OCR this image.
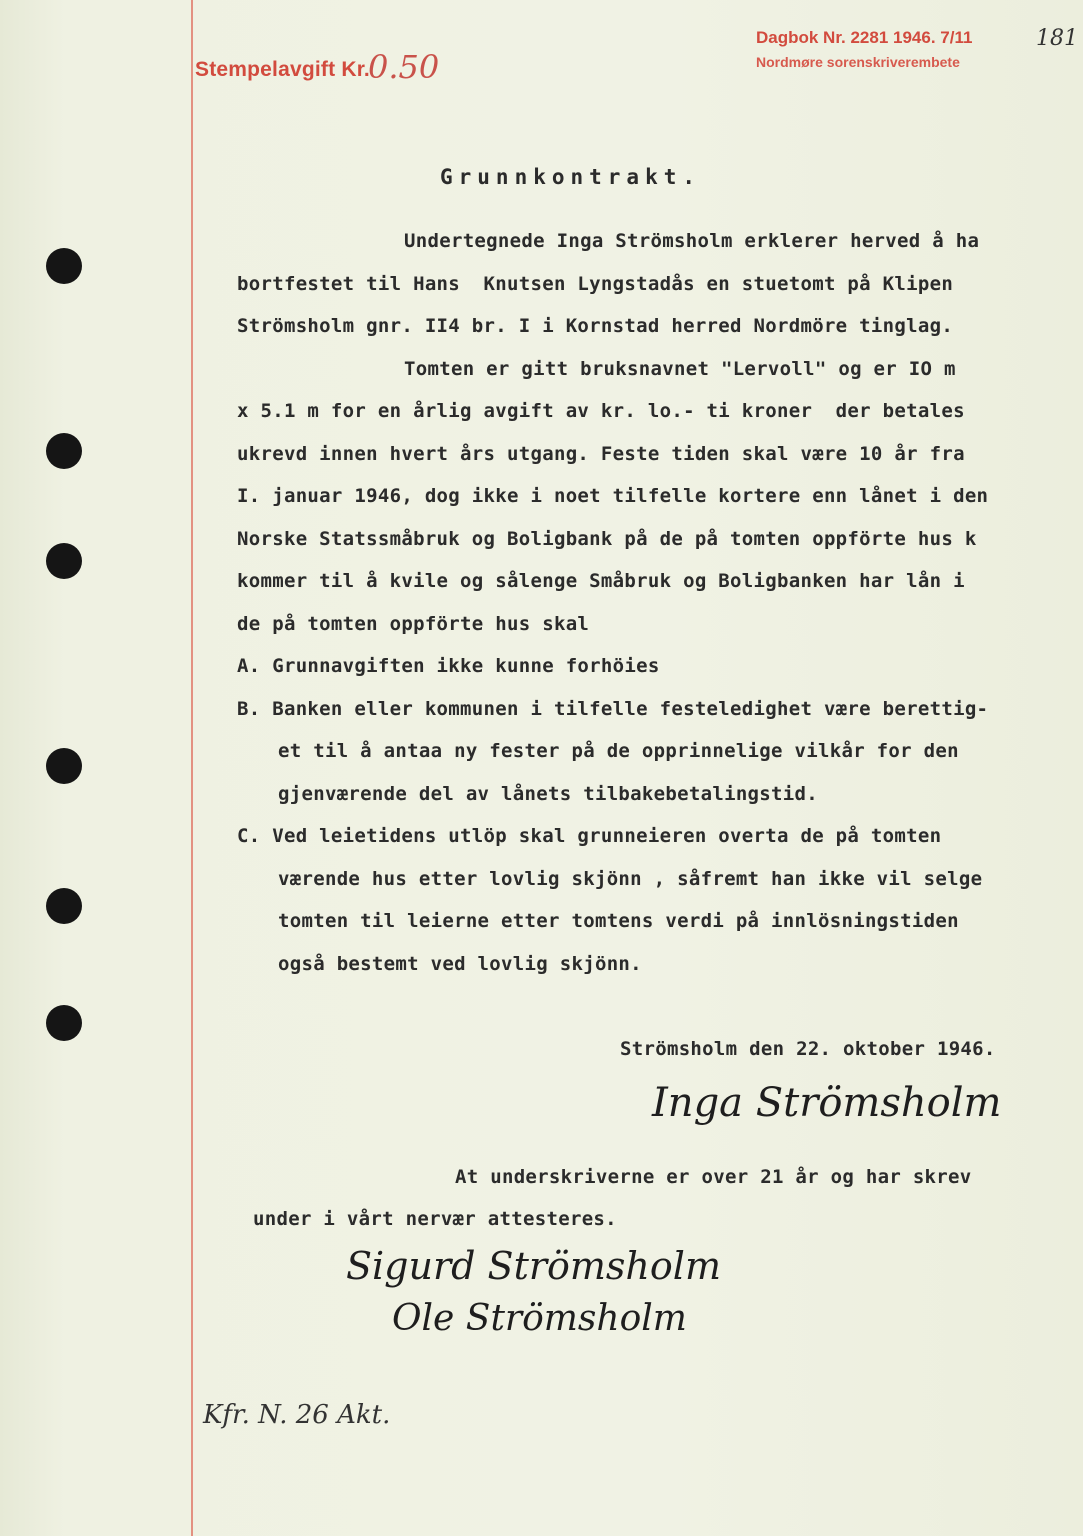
Stempelavgift Kr.
0.50
Dagbok Nr. 2281 1946. 7/11
Nordmøre sorenskriverembete
181
Grunnkontrakt.
Undertegnede Inga Strömsholm erklerer herved å ha
bortfestet til Hans  Knutsen Lyngstadås en stuetomt på Klipen
Strömsholm gnr. II4 br. I i Kornstad herred Nordmöre tinglag.
Tomten er gitt bruksnavnet "Lervoll" og er IO m
x 5.1 m for en årlig avgift av kr. lo.- ti kroner  der betales
ukrevd innen hvert års utgang. Feste tiden skal være 10 år fra
I. januar 1946, dog ikke i noet tilfelle kortere enn lånet i den
Norske Statssmåbruk og Boligbank på de på tomten oppförte hus k
kommer til å kvile og sålenge Småbruk og Boligbanken har lån i
de på tomten oppförte hus skal
A. Grunnavgiften ikke kunne forhöies
B. Banken eller kommunen i tilfelle festeledighet være berettig-
et til å antaa ny fester på de opprinnelige vilkår for den
gjenværende del av lånets tilbakebetalingstid.
C. Ved leietidens utlöp skal grunneieren overta de på tomten
værende hus etter lovlig skjönn , såfremt han ikke vil selge
tomten til leierne etter tomtens verdi på innlösningstiden
også bestemt ved lovlig skjönn.
Strömsholm den 22. oktober 1946.
Inga Strömsholm
At underskriverne er over 21 år og har skrev
under i vårt nervær attesteres.
Sigurd Strömsholm
Ole Strömsholm
Kfr. N. 26 Akt.
